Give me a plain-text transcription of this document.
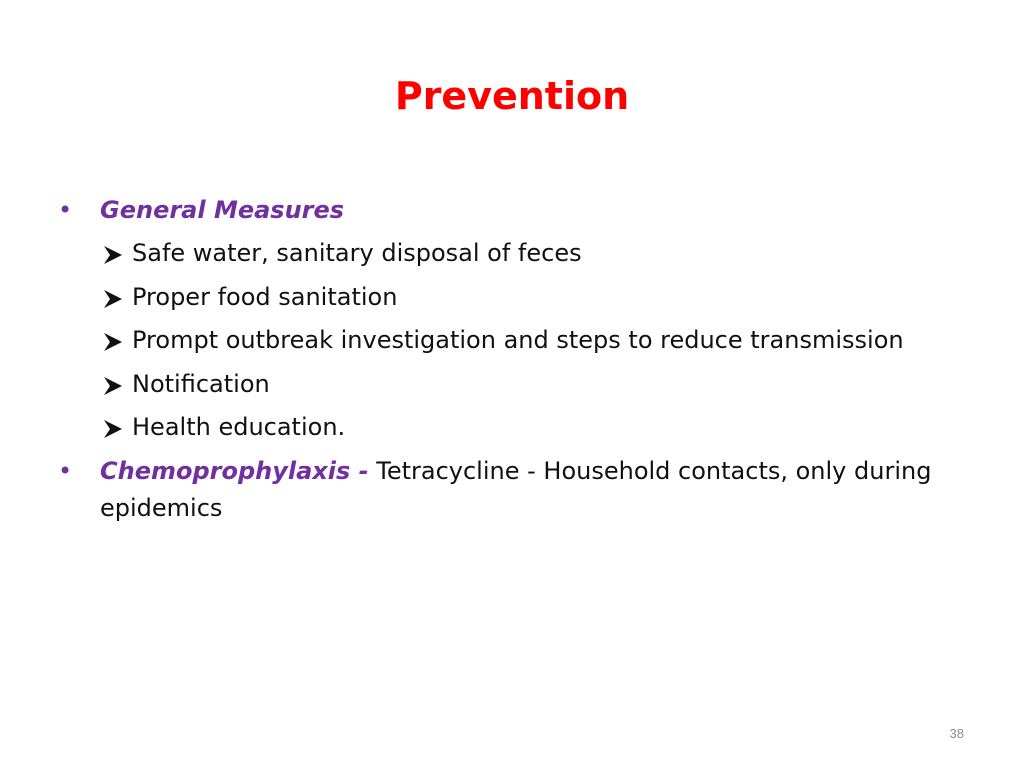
Prevention
•	General Measures
Safe water, sanitary disposal of feces
Proper food sanitation
Prompt outbreak investigation and steps to reduce transmission
Notification
Health education.
•	Chemoprophylaxis - Tetracycline - Household contacts, only during epidemics
38
